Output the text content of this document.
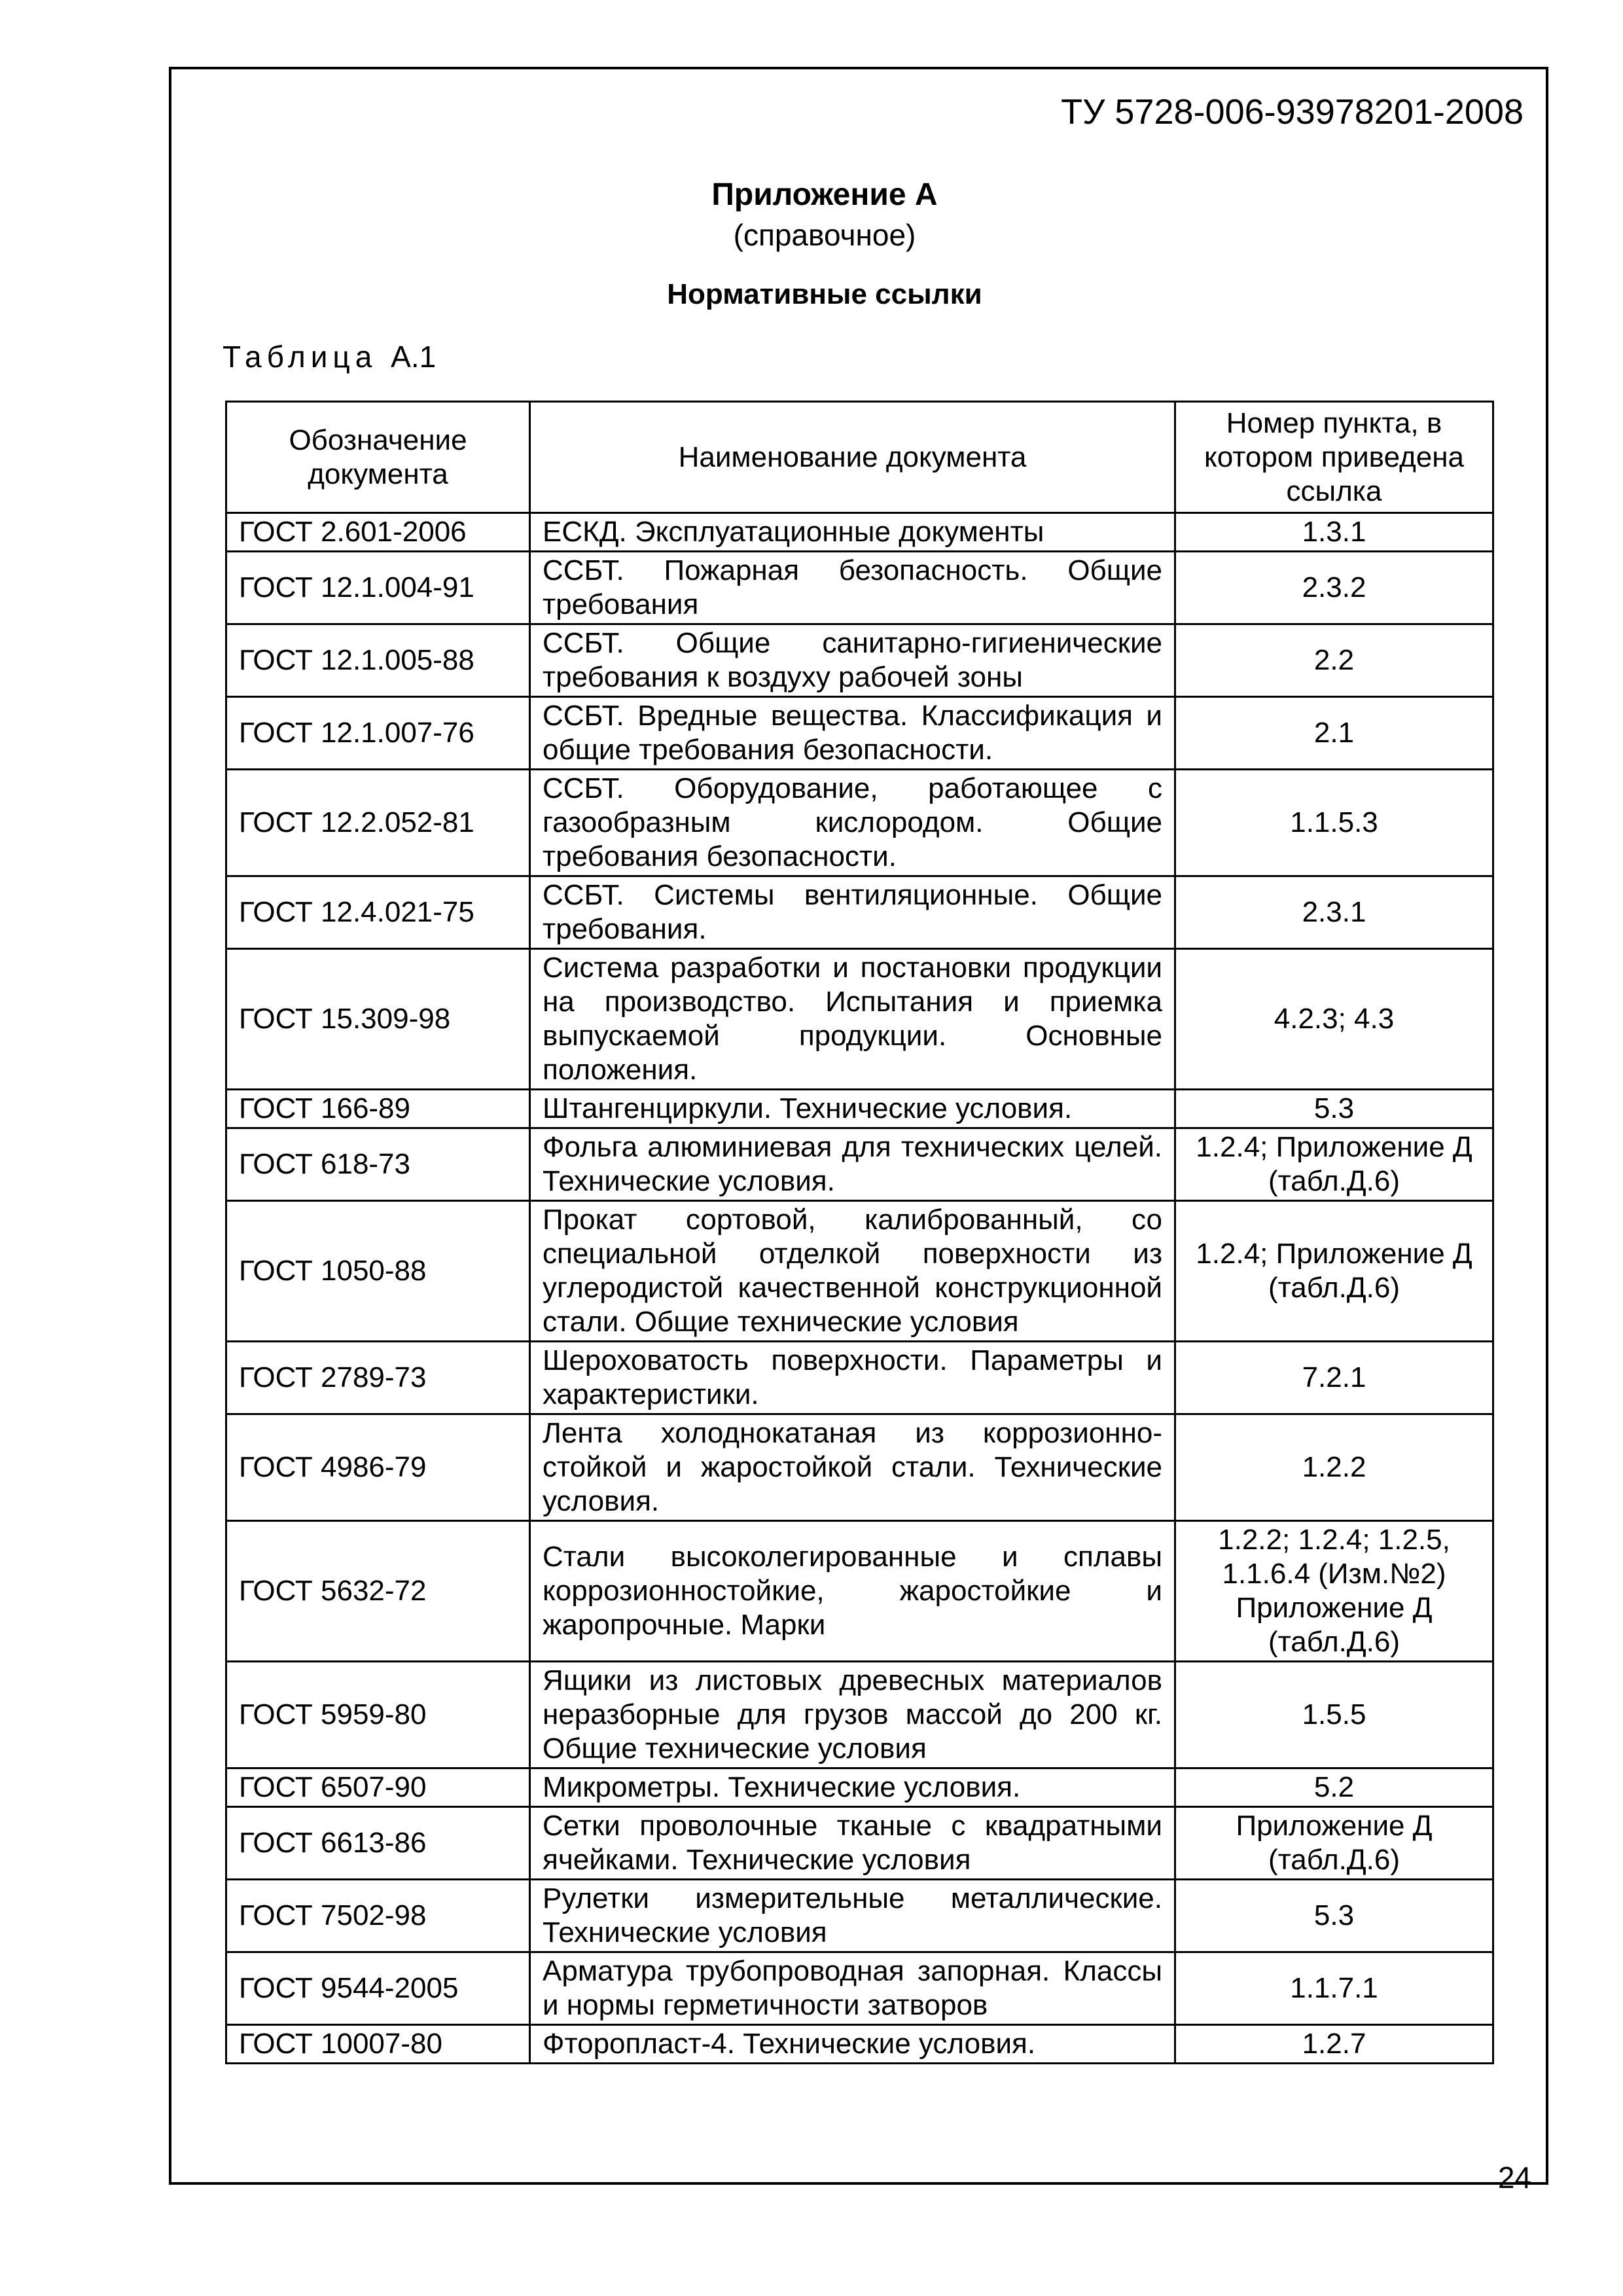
ТУ 5728-006-93978201-2008
Приложение А
(справочное)
Нормативные ссылки
Таблица А.1
Обозначение документа	Наименование документа	Номер пункта, в котором приведена ссылка
ГОСТ 2.601-2006	ЕСКД. Эксплуатационные документы	1.3.1
ГОСТ 12.1.004-91	ССБТ. Пожарная безопасность. Общие требования	2.3.2
ГОСТ 12.1.005-88	ССБТ. Общие санитарно-гигиенические требования к воздуху рабочей зоны	2.2
ГОСТ 12.1.007-76	ССБТ. Вредные вещества. Классификация и общие требования безопасности.	2.1
ГОСТ 12.2.052-81	ССБТ. Оборудование, работающее с газообразным кислородом. Общие требования безопасности.	1.1.5.3
ГОСТ 12.4.021-75	ССБТ. Системы вентиляционные. Общие требования.	2.3.1
ГОСТ 15.309-98	Система разработки и постановки продукции на производство. Испытания и приемка выпускаемой продукции. Основные положения.	4.2.3; 4.3
ГОСТ 166-89	Штангенциркули. Технические условия.	5.3
ГОСТ 618-73	Фольга алюминиевая для технических целей. Технические условия.	1.2.4; Приложение Д (табл.Д.6)
ГОСТ 1050-88	Прокат сортовой, калиброванный, со специальной отделкой поверхности из углеродистой качественной конструкционной стали. Общие технические условия	1.2.4; Приложение Д (табл.Д.6)
ГОСТ 2789-73	Шероховатость поверхности. Параметры и характеристики.	7.2.1
ГОСТ 4986-79	Лента холоднокатаная из коррозионно-стойкой и жаростойкой стали. Технические условия.	1.2.2
ГОСТ 5632-72	Стали высоколегированные и сплавы коррозионностойкие, жаростойкие и жаропрочные. Марки	1.2.2; 1.2.4; 1.2.5, 1.1.6.4 (Изм.№2) Приложение Д (табл.Д.6)
ГОСТ 5959-80	Ящики из листовых древесных материалов неразборные для грузов массой до 200 кг. Общие технические условия	1.5.5
ГОСТ 6507-90	Микрометры. Технические условия.	5.2
ГОСТ 6613-86	Сетки проволочные тканые с квадратными ячейками. Технические условия	Приложение Д (табл.Д.6)
ГОСТ 7502-98	Рулетки измерительные металлические. Технические условия	5.3
ГОСТ 9544-2005	Арматура трубопроводная запорная. Классы и нормы герметичности затворов	1.1.7.1
ГОСТ 10007-80	Фторопласт-4. Технические условия.	1.2.7
24
